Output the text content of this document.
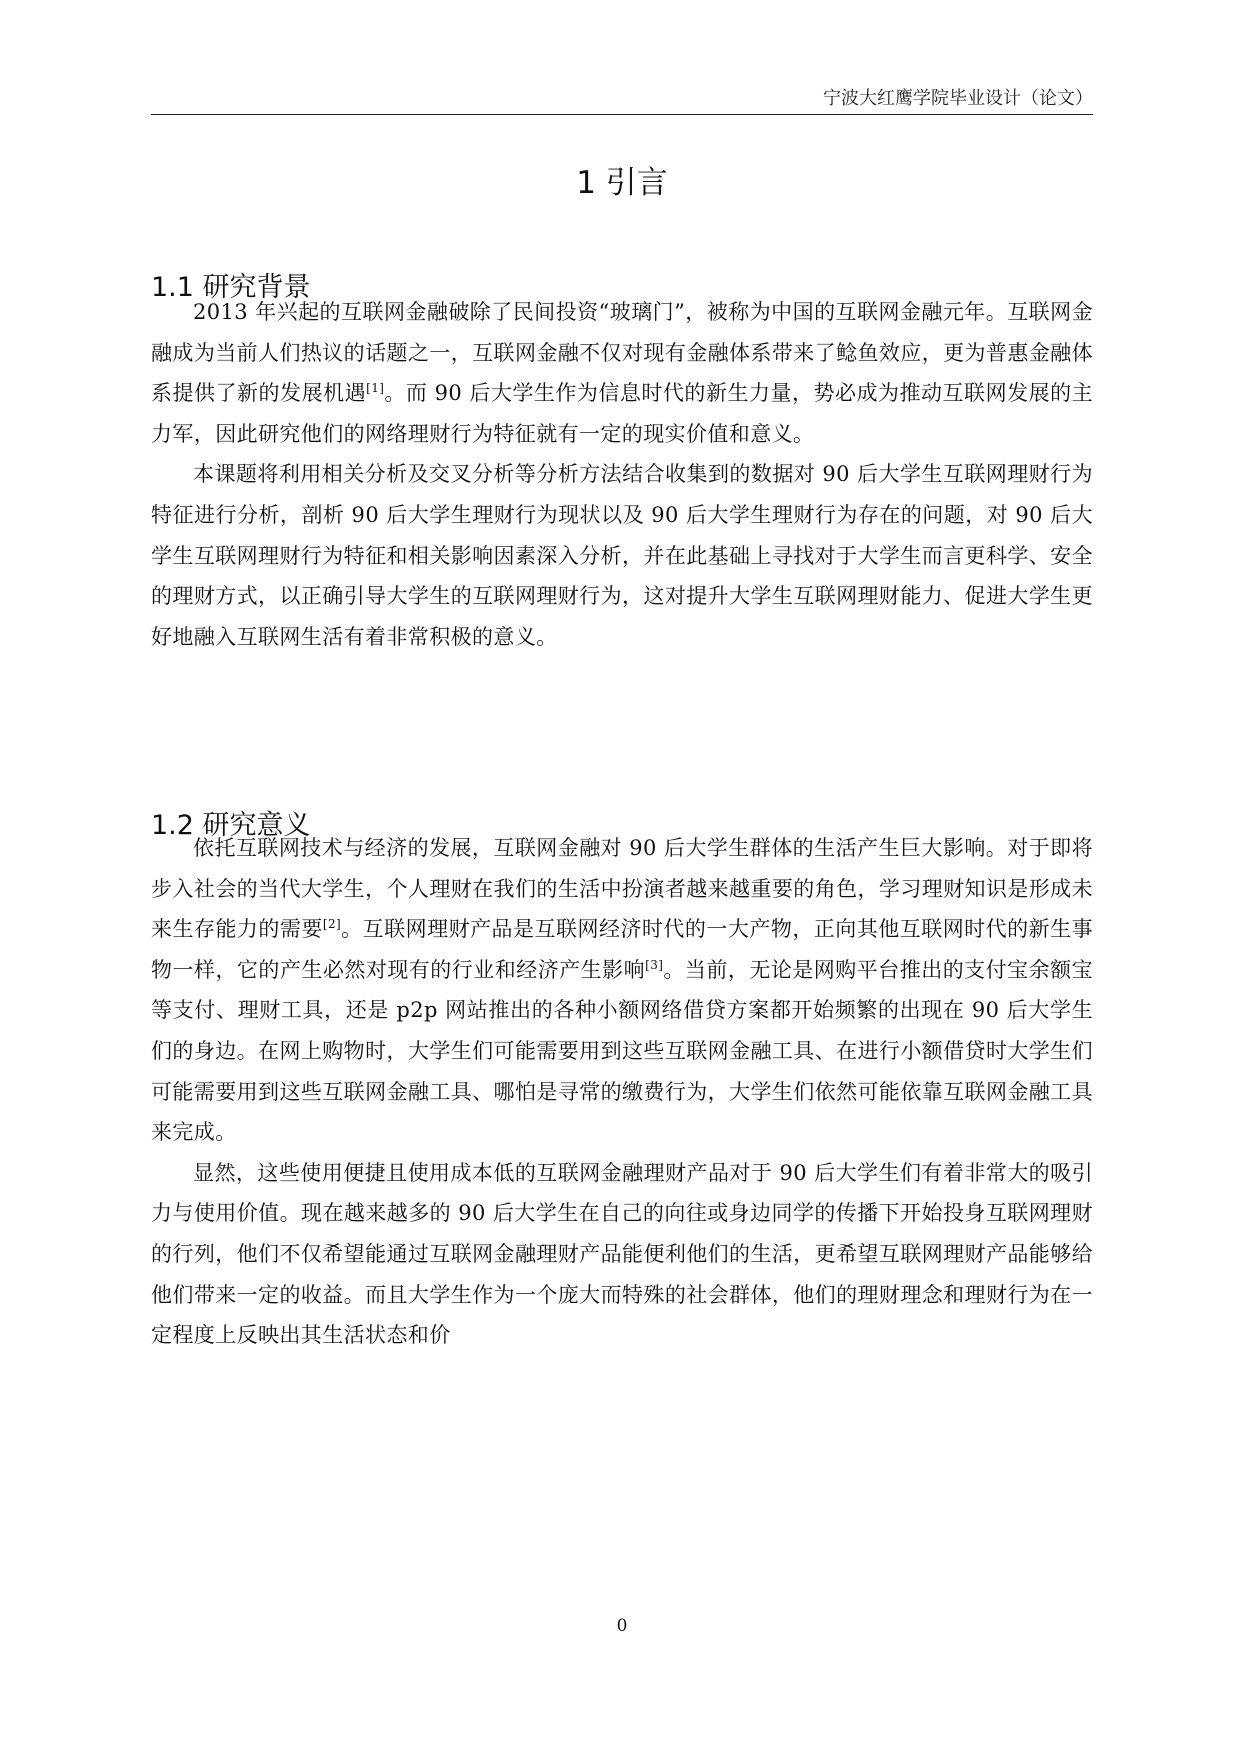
宁波大红鹰学院毕业设计（论文）
1 引言
1.1 研究背景

2013 年兴起的互联网金融破除了民间投资“玻璃门”，被称为中国的互联网金融元年。互联网金融成为当前人们热议的话题之一，互联网金融不仅对现有金融体系带来了鲶鱼效应，更为普惠金融体系提供了新的发展机遇[1]。而 90 后大学生作为信息时代的新生力量，势必成为推动互联网发展的主力军，因此研究他们的网络理财行为特征就有一定的现实价值和意义。

本课题将利用相关分析及交叉分析等分析方法结合收集到的数据对 90 后大学生互联网理财行为特征进行分析，剖析 90 后大学生理财行为现状以及 90 后大学生理财行为存在的问题，对 90 后大学生互联网理财行为特征和相关影响因素深入分析，并在此基础上寻找对于大学生而言更科学、安全的理财方式，以正确引导大学生的互联网理财行为，这对提升大学生互联网理财能力、促进大学生更好地融入互联网生活有着非常积极的意义。

1.2 研究意义

依托互联网技术与经济的发展，互联网金融对 90 后大学生群体的生活产生巨大影响。对于即将步入社会的当代大学生，个人理财在我们的生活中扮演者越来越重要的角色，学习理财知识是形成未来生存能力的需要[2]。互联网理财产品是互联网经济时代的一大产物，正向其他互联网时代的新生事物一样，它的产生必然对现有的行业和经济产生影响[3]。当前，无论是网购平台推出的支付宝余额宝等支付、理财工具，还是 p2p 网站推出的各种小额网络借贷方案都开始频繁的出现在 90 后大学生们的身边。在网上购物时，大学生们可能需要用到这些互联网金融工具、在进行小额借贷时大学生们可能需要用到这些互联网金融工具、哪怕是寻常的缴费行为，大学生们依然可能依靠互联网金融工具来完成。

显然，这些使用便捷且使用成本低的互联网金融理财产品对于 90 后大学生们有着非常大的吸引力与使用价值。现在越来越多的 90 后大学生在自己的向往或身边同学的传播下开始投身互联网理财的行列，他们不仅希望能通过互联网金融理财产品能便利他们的生活，更希望互联网理财产品能够给他们带来一定的收益。而且大学生作为一个庞大而特殊的社会群体，他们的理财理念和理财行为在一定程度上反映出其生活状态和价

0
